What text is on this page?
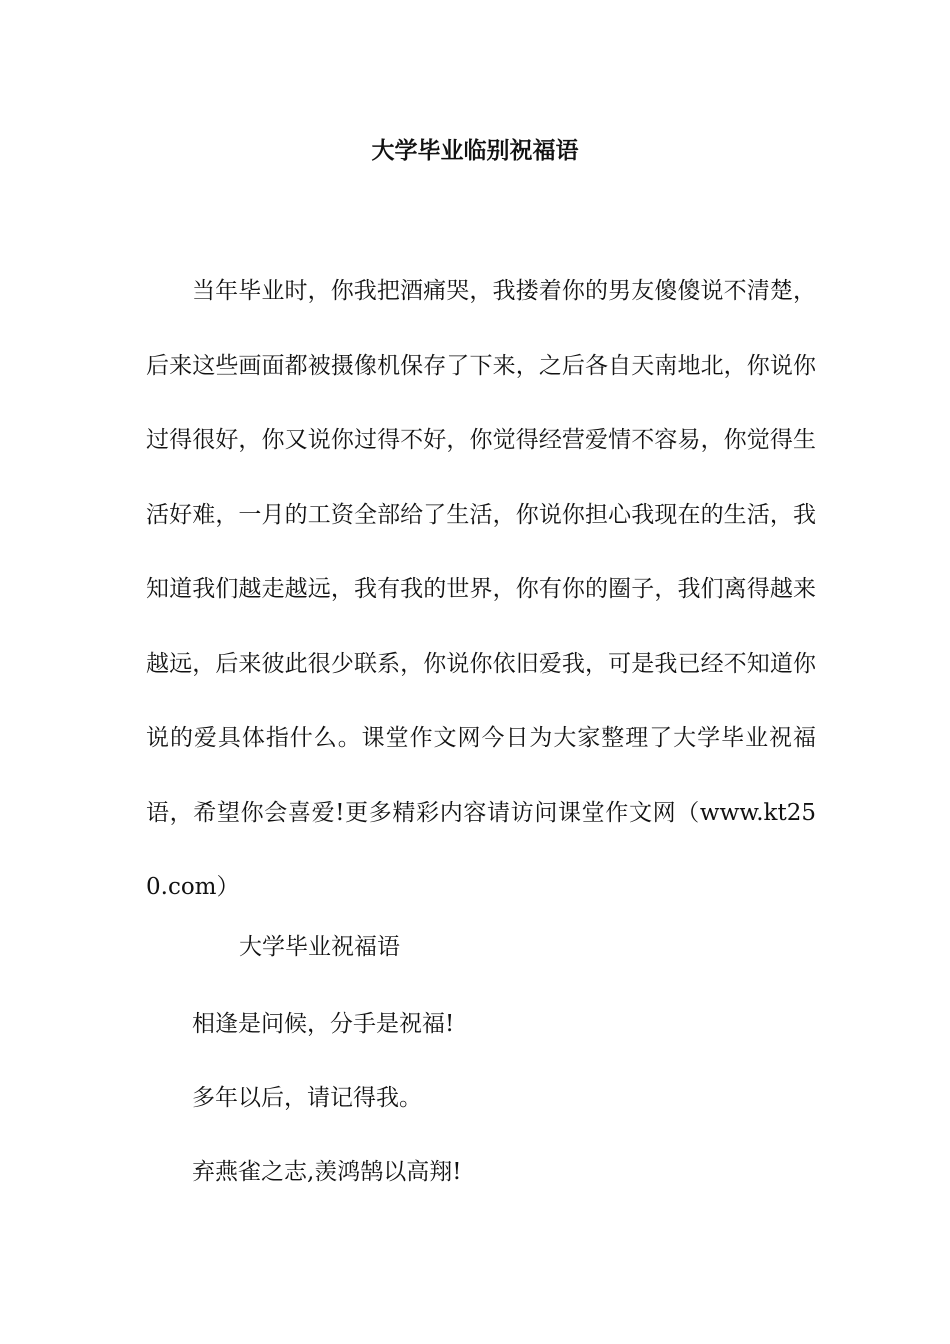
大学毕业临别祝福语
当年毕业时，你我把酒痛哭，我搂着你的男友傻傻说不清楚，后来这些画面都被摄像机保存了下来，之后各自天南地北，你说你过得很好，你又说你过得不好，你觉得经营爱情不容易，你觉得生活好难，一月的工资全部给了生活，你说你担心我现在的生活，我知道我们越走越远，我有我的世界，你有你的圈子，我们离得越来越远，后来彼此很少联系，你说你依旧爱我，可是我已经不知道你说的爱具体指什么。课堂作文网今日为大家整理了大学毕业祝福语，希望你会喜爱!更多精彩内容请访问课堂作文网（www.kt250.com）
大学毕业祝福语
相逢是问候，分手是祝福!
多年以后，请记得我。
弃燕雀之志,羡鸿鹄以高翔!
